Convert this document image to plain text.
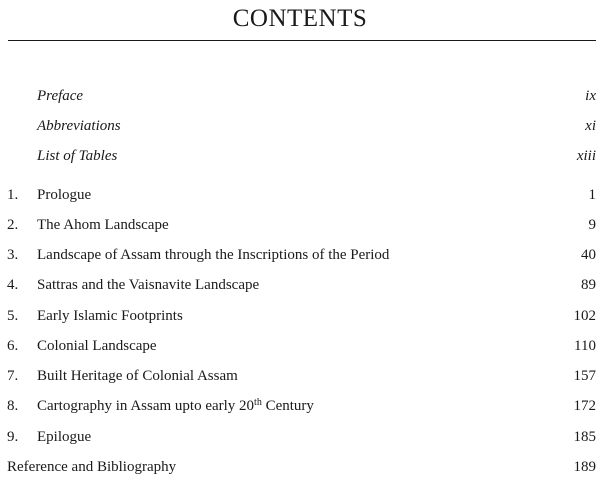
CONTENTS
Preface	ix
Abbreviations	xi
List of Tables	xiii
1.	Prologue	1
2.	The Ahom Landscape	9
3.	Landscape of Assam through the Inscriptions of the Period	40
4.	Sattras and the Vaisnavite Landscape	89
5.	Early Islamic Footprints	102
6.	Colonial Landscape	110
7.	Built Heritage of Colonial Assam	157
8.	Cartography in Assam upto early 20th Century	172
9.	Epilogue	185
Reference and Bibliography	189
